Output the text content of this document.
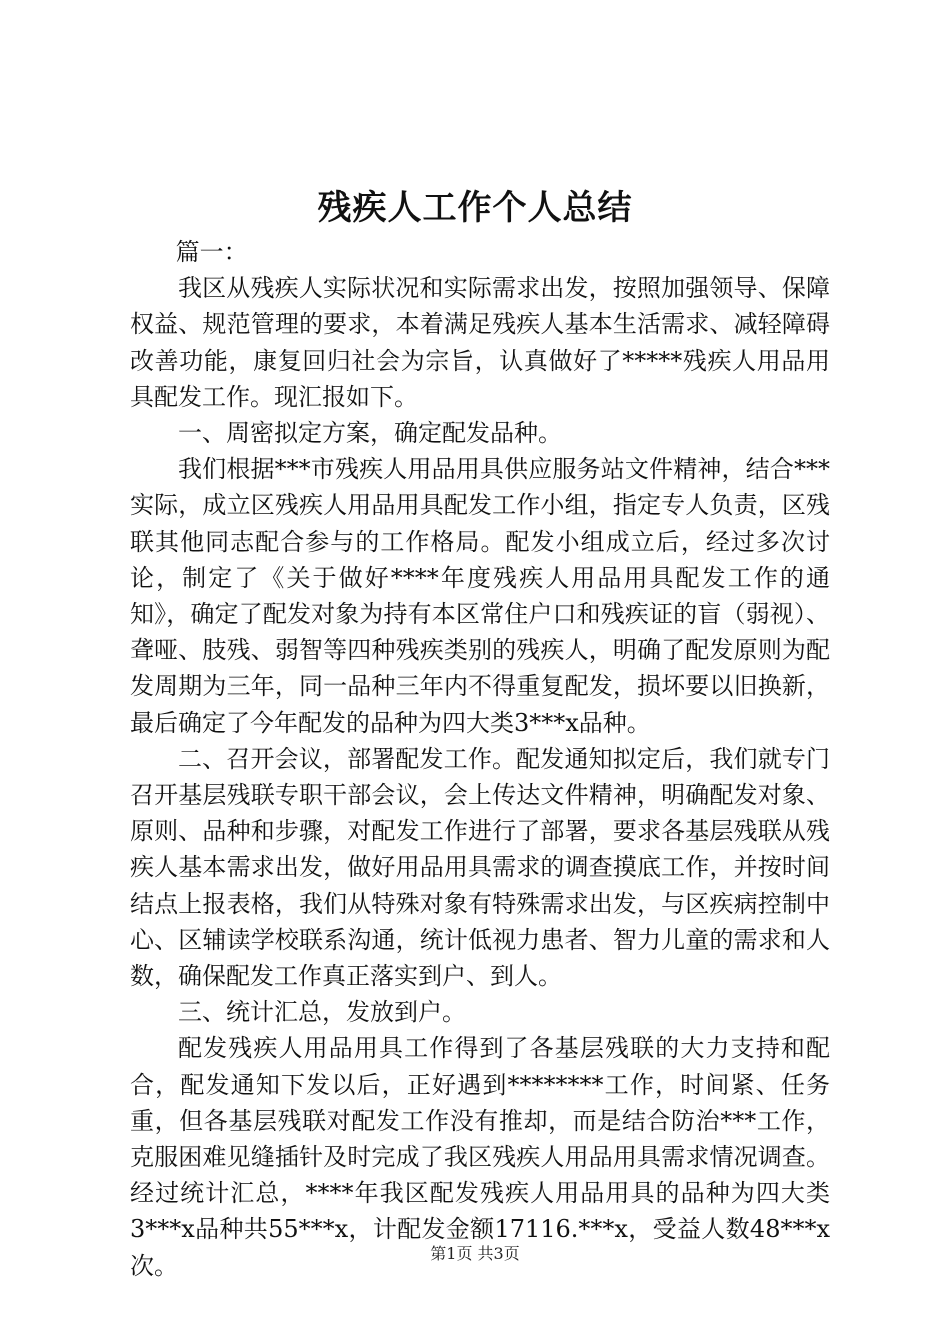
残疾人工作个人总结

篇一：

我区从残疾人实际状况和实际需求出发，按照加强领导、保障权益、规范管理的要求，本着满足残疾人基本生活需求、减轻障碍改善功能，康复回归社会为宗旨，认真做好了*****残疾人用品用具配发工作。现汇报如下。

一、周密拟定方案，确定配发品种。

我们根据***市残疾人用品用具供应服务站文件精神，结合***实际，成立区残疾人用品用具配发工作小组，指定专人负责，区残联其他同志配合参与的工作格局。配发小组成立后，经过多次讨论，制定了《关于做好****年度残疾人用品用具配发工作的通知》，确定了配发对象为持有本区常住户口和残疾证的盲（弱视）、聋哑、肢残、弱智等四种残疾类别的残疾人，明确了配发原则为配发周期为三年，同一品种三年内不得重复配发，损坏要以旧换新，最后确定了今年配发的品种为四大类3***x品种。

二、召开会议，部署配发工作。配发通知拟定后，我们就专门召开基层残联专职干部会议，会上传达文件精神，明确配发对象、原则、品种和步骤，对配发工作进行了部署，要求各基层残联从残疾人基本需求出发，做好用品用具需求的调查摸底工作，并按时间结点上报表格，我们从特殊对象有特殊需求出发，与区疾病控制中心、区辅读学校联系沟通，统计低视力患者、智力儿童的需求和人数，确保配发工作真正落实到户、到人。

三、统计汇总，发放到户。

配发残疾人用品用具工作得到了各基层残联的大力支持和配合，配发通知下发以后，正好遇到********工作，时间紧、任务重，但各基层残联对配发工作没有推却，而是结合防治***工作，克服困难见缝插针及时完成了我区残疾人用品用具需求情况调查。经过统计汇总，****年我区配发残疾人用品用具的品种为四大类3***x品种共55***x，计配发金额17116.***x，受益人数48***x次。	第1页 共3页
